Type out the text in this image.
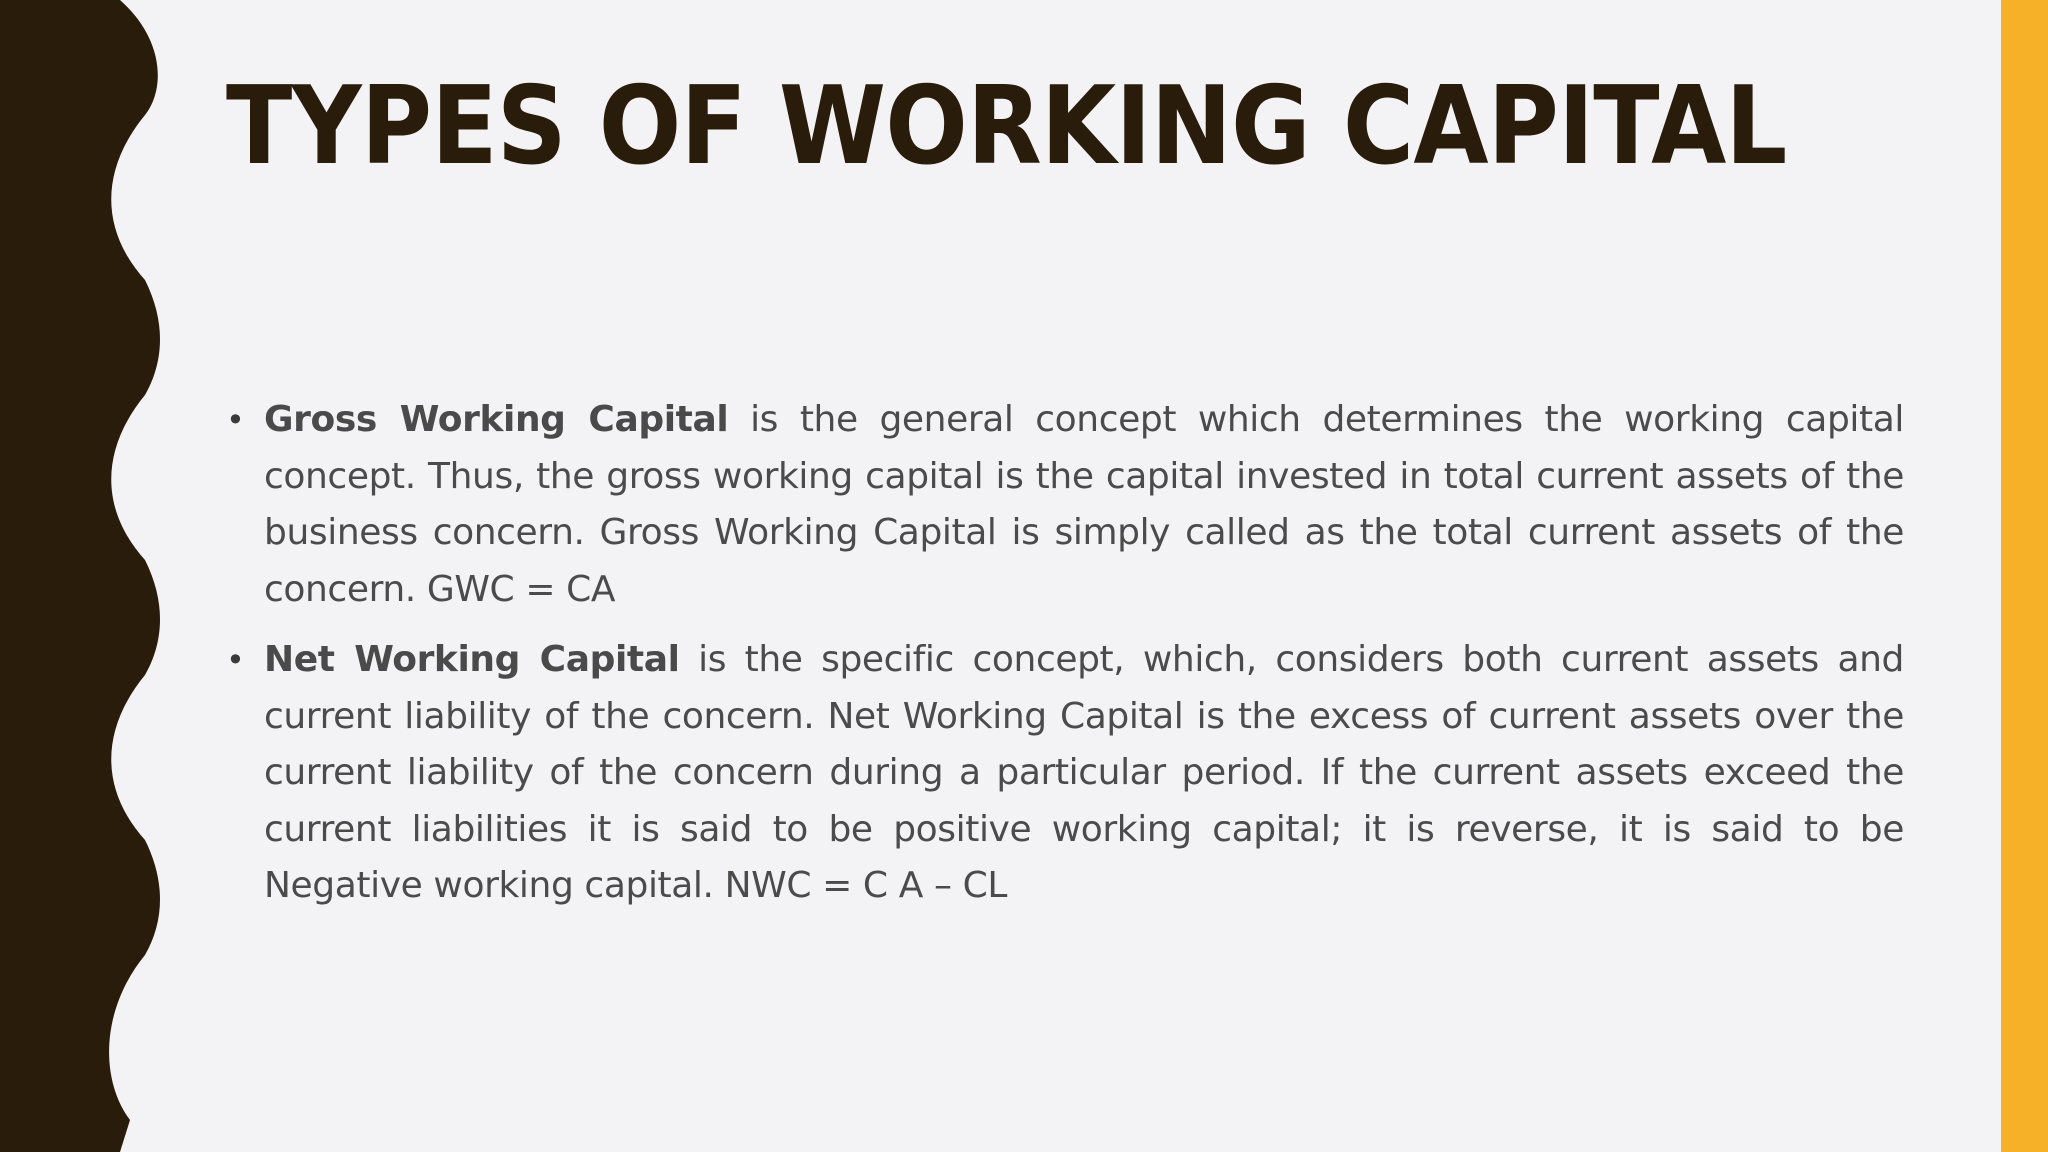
TYPES OF WORKING CAPITAL
• Gross Working Capital is the general concept which determines the working capital concept. Thus, the gross working capital is the capital invested in total current assets of the business concern. Gross Working Capital is simply called as the total current assets of the concern. GWC = CA
• Net Working Capital is the specific concept, which, considers both current assets and current liability of the concern. Net Working Capital is the excess of current assets over the current liability of the concern during a particular period. If the current assets exceed the current liabilities it is said to be positive working capital; it is reverse, it is said to be Negative working capital. NWC = C A – CL
